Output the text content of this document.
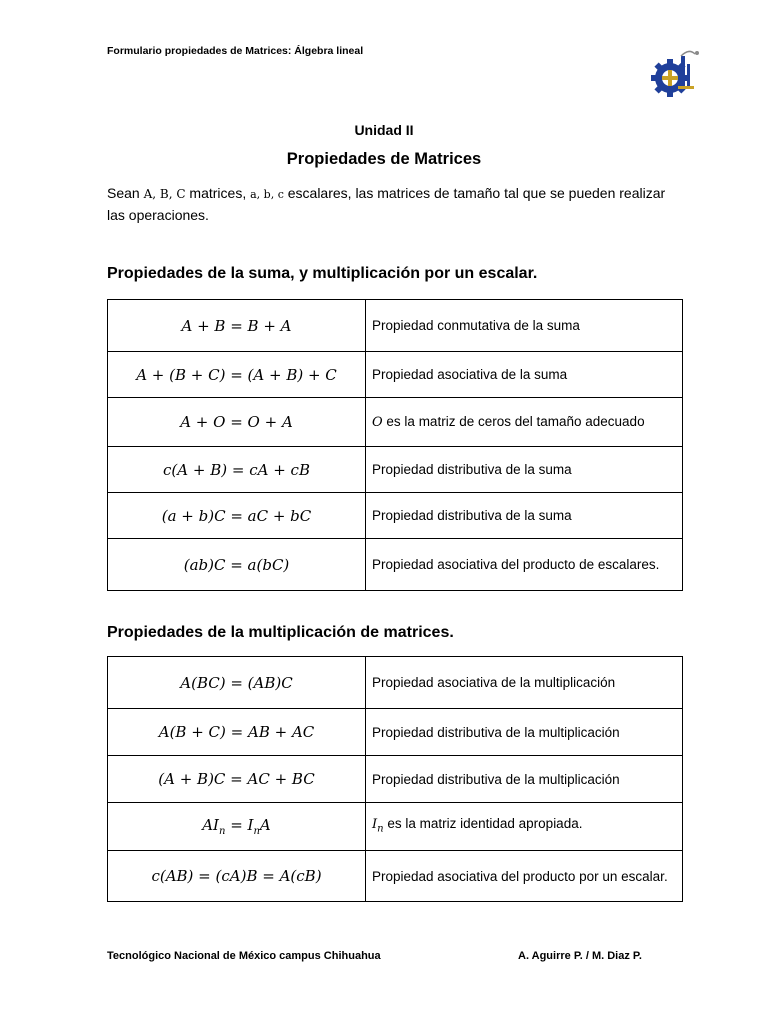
Formulario propiedades de Matrices: Álgebra lineal
Unidad II
Propiedades de Matrices
Sean A, B, C matrices, a, b, c escalares, las matrices de tamaño tal que se pueden realizar las operaciones.
Propiedades de la suma, y multiplicación por un escalar.
A + B = B + A	Propiedad conmutativa de la suma
A + (B + C) = (A + B) + C	Propiedad asociativa de la suma
A + O = O + A	O es la matriz de ceros del tamaño adecuado
c(A + B) = cA + cB	Propiedad distributiva de la suma
(a + b)C = aC + bC	Propiedad distributiva de la suma
(ab)C = a(bC)	Propiedad asociativa del producto de escalares.
Propiedades de la multiplicación de matrices.
A(BC) = (AB)C	Propiedad asociativa de la multiplicación
A(B + C) = AB + AC	Propiedad distributiva de la multiplicación
(A + B)C = AC + BC	Propiedad distributiva de la multiplicación
$AI_n = I_nA$	$I_n$ es la matriz identidad apropiada.
c(AB) = (cA)B = A(cB)	Propiedad asociativa del producto por un escalar.
Tecnológico Nacional de México campus Chihuahua	A. Aguirre P. / M. Diaz P.
